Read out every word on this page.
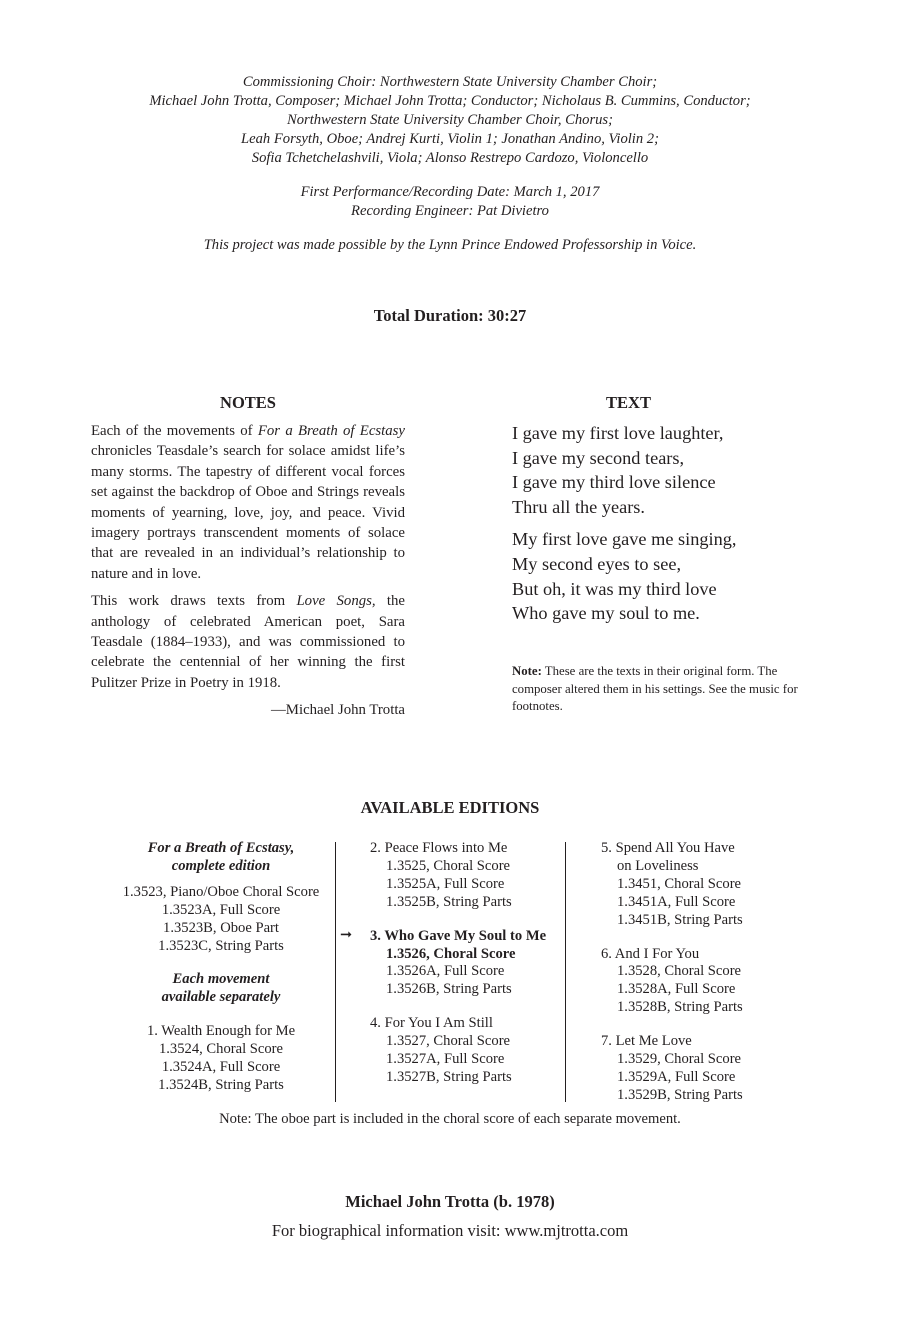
Commissioning Choir: Northwestern State University Chamber Choir;
Michael John Trotta, Composer; Michael John Trotta; Conductor; Nicholaus B. Cummins, Conductor;
Northwestern State University Chamber Choir, Chorus;
Leah Forsyth, Oboe; Andrej Kurti, Violin 1; Jonathan Andino, Violin 2;
Sofia Tchetchelashvili, Viola; Alonso Restrepo Cardozo, Violoncello
First Performance/Recording Date: March 1, 2017
Recording Engineer: Pat Divietro
This project was made possible by the Lynn Prince Endowed Professorship in Voice.
Total Duration: 30:27
NOTES

Each of the movements of For a Breath of Ecstasy chronicles Teasdale’s search for solace amidst life’s many storms. The tapestry of different vocal forces set against the backdrop of Oboe and Strings reveals moments of yearning, love, joy, and peace. Vivid imagery portrays transcendent moments of solace that are revealed in an individual’s relationship to nature and in love.

This work draws texts from Love Songs, the anthology of celebrated American poet, Sara Teasdale (1884–1933), and was commissioned to celebrate the centennial of her winning the first Pulitzer Prize in Poetry in 1918.

—Michael John Trotta
TEXT
I gave my first love laughter,
I gave my second tears,
I gave my third love silence
Thru all the years.
My first love gave me singing,
My second eyes to see,
But oh, it was my third love
Who gave my soul to me.
Note: These are the texts in their original form. The composer altered them in his settings. See the music for footnotes.
AVAILABLE EDITIONS
For a Breath of Ecstasy,
complete edition
1.3523, Piano/Oboe Choral Score
1.3523A, Full Score
1.3523B, Oboe Part
1.3523C, String Parts
Each movement
available separately
1. Wealth Enough for Me
1.3524, Choral Score
1.3524A, Full Score
1.3524B, String Parts
2. Peace Flows into Me
1.3525, Choral Score
1.3525A, Full Score
1.3525B, String Parts
➞ 3. Who Gave My Soul to Me
1.3526, Choral Score
1.3526A, Full Score
1.3526B, String Parts
4. For You I Am Still
1.3527, Choral Score
1.3527A, Full Score
1.3527B, String Parts
5. Spend All You Have
on Loveliness
1.3451, Choral Score
1.3451A, Full Score
1.3451B, String Parts
6. And I For You
1.3528, Choral Score
1.3528A, Full Score
1.3528B, String Parts
7. Let Me Love
1.3529, Choral Score
1.3529A, Full Score
1.3529B, String Parts
Note: The oboe part is included in the choral score of each separate movement.
Michael John Trotta (b. 1978)
For biographical information visit: www.mjtrotta.com
